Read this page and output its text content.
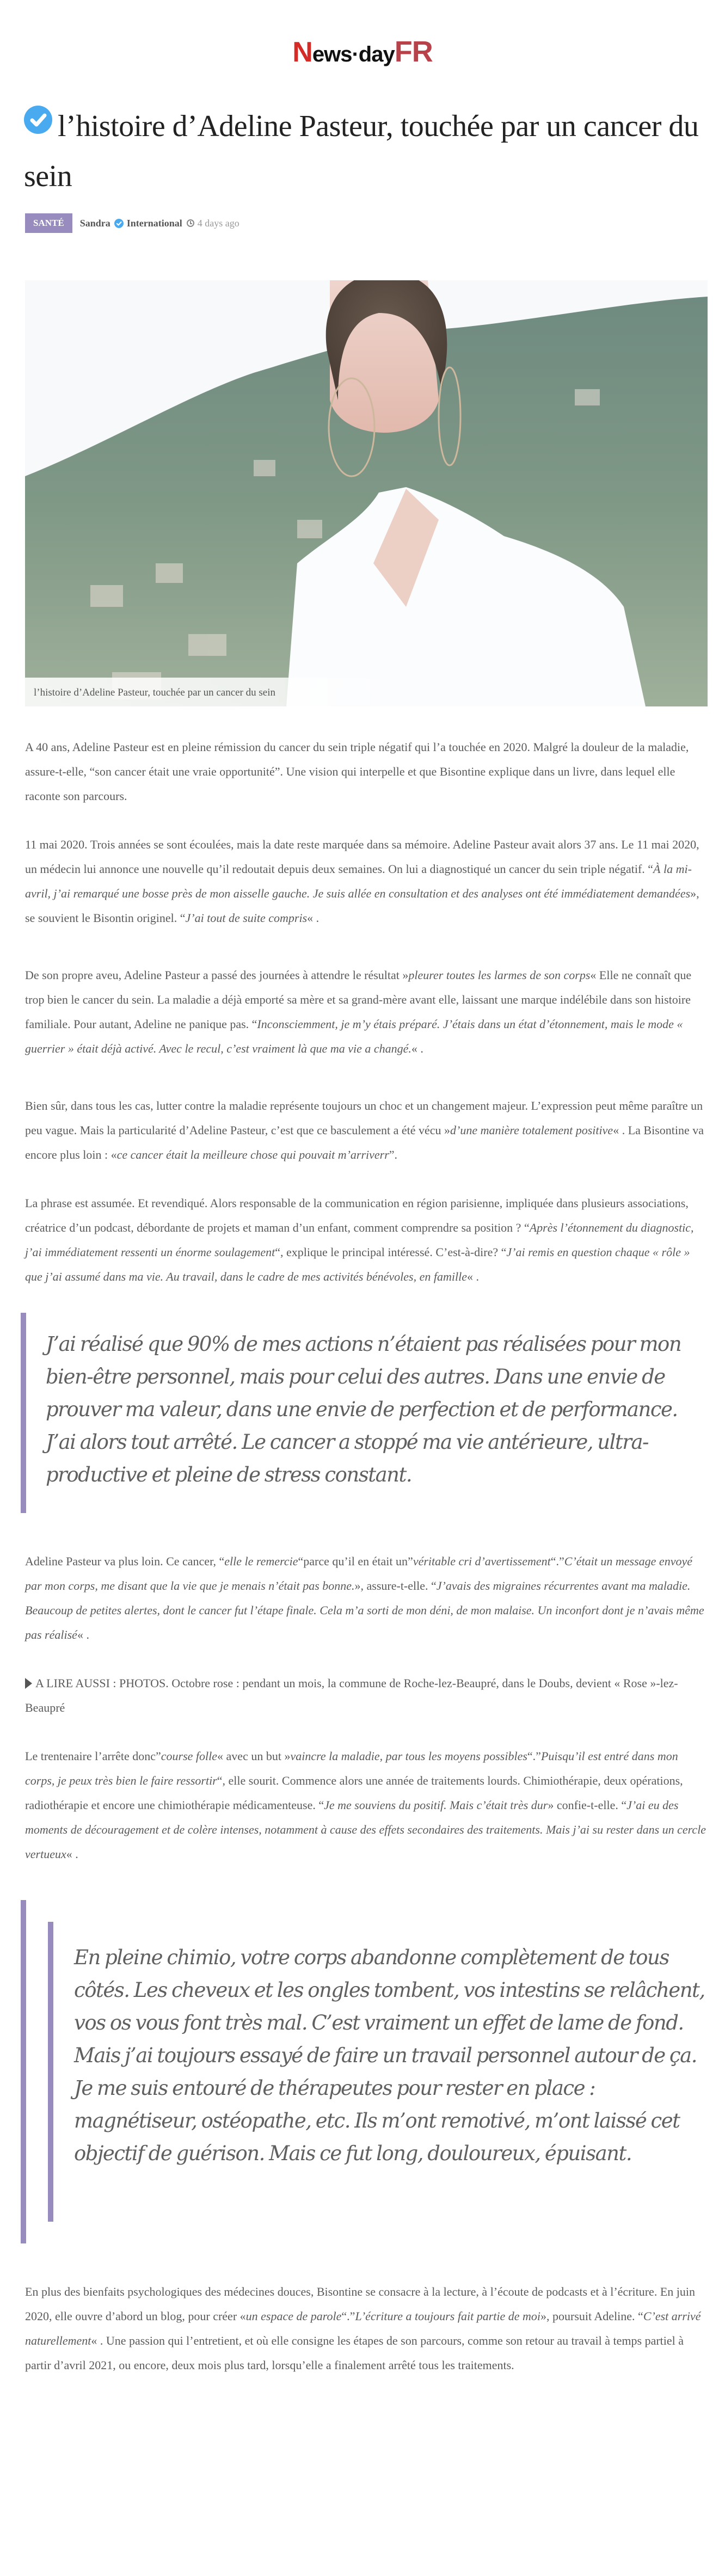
News·dayFR
l’histoire d’Adeline Pasteur, touchée par un cancer du sein
SANTÉ	Sandra International 4 days ago
l’histoire d’Adeline Pasteur, touchée par un cancer du sein

A 40 ans, Adeline Pasteur est en pleine rémission du cancer du sein triple négatif qui l’a touchée en 2020. Malgré la douleur de la maladie, assure-t-elle, “son cancer était une vraie opportunité”. Une vision qui interpelle et que Bisontine explique dans un livre, dans lequel elle raconte son parcours.

11 mai 2020. Trois années se sont écoulées, mais la date reste marquée dans sa mémoire. Adeline Pasteur avait alors 37 ans. Le 11 mai 2020, un médecin lui annonce une nouvelle qu’il redoutait depuis deux semaines. On lui a diagnostiqué un cancer du sein triple négatif. “À la mi-avril, j’ai remarqué une bosse près de mon aisselle gauche. Je suis allée en consultation et des analyses ont été immédiatement demandées», se souvient le Bisontin originel. “J’ai tout de suite compris« .

De son propre aveu, Adeline Pasteur a passé des journées à attendre le résultat »pleurer toutes les larmes de son corps« Elle ne connaît que trop bien le cancer du sein. La maladie a déjà emporté sa mère et sa grand-mère avant elle, laissant une marque indélébile dans son histoire familiale. Pour autant, Adeline ne panique pas. “Inconsciemment, je m’y étais préparé. J’étais dans un état d’étonnement, mais le mode « guerrier » était déjà activé. Avec le recul, c’est vraiment là que ma vie a changé.« .

Bien sûr, dans tous les cas, lutter contre la maladie représente toujours un choc et un changement majeur. L’expression peut même paraître un peu vague. Mais la particularité d’Adeline Pasteur, c’est que ce basculement a été vécu »d’une manière totalement positive« . La Bisontine va encore plus loin : «ce cancer était la meilleure chose qui pouvait m’arriverr”.

La phrase est assumée. Et revendiqué. Alors responsable de la communication en région parisienne, impliquée dans plusieurs associations, créatrice d’un podcast, débordante de projets et maman d’un enfant, comment comprendre sa position ? “Après l’étonnement du diagnostic, j’ai immédiatement ressenti un énorme soulagement“, explique le principal intéressé. C’est-à-dire? “J’ai remis en question chaque « rôle » que j’ai assumé dans ma vie. Au travail, dans le cadre de mes activités bénévoles, en famille« .

J’ai réalisé que 90% de mes actions n’étaient pas réalisées pour mon bien-être personnel, mais pour celui des autres. Dans une envie de prouver ma valeur, dans une envie de perfection et de performance. J’ai alors tout arrêté. Le cancer a stoppé ma vie antérieure, ultra-productive et pleine de stress constant.

Adeline Pasteur va plus loin. Ce cancer, “elle le remercie“parce qu’il en était un”véritable cri d’avertissement“.”C’était un message envoyé par mon corps, me disant que la vie que je menais n’était pas bonne.», assure-t-elle. “J’avais des migraines récurrentes avant ma maladie. Beaucoup de petites alertes, dont le cancer fut l’étape finale. Cela m’a sorti de mon déni, de mon malaise. Un inconfort dont je n’avais même pas réalisé« .

A LIRE AUSSI : PHOTOS. Octobre rose : pendant un mois, la commune de Roche-lez-Beaupré, dans le Doubs, devient « Rose »-lez-Beaupré

Le trentenaire l’arrête donc”course folle« avec un but »vaincre la maladie, par tous les moyens possibles“.”Puisqu’il est entré dans mon corps, je peux très bien le faire ressortir“, elle sourit. Commence alors une année de traitements lourds. Chimiothérapie, deux opérations, radiothérapie et encore une chimiothérapie médicamenteuse. “Je me souviens du positif. Mais c’était très dur» confie-t-elle. “J’ai eu des moments de découragement et de colère intenses, notamment à cause des effets secondaires des traitements. Mais j’ai su rester dans un cercle vertueux« .

En pleine chimio, votre corps abandonne complètement de tous côtés. Les cheveux et les ongles tombent, vos intestins se relâchent, vos os vous font très mal. C’est vraiment un effet de lame de fond. Mais j’ai toujours essayé de faire un travail personnel autour de ça. Je me suis entouré de thérapeutes pour rester en place : magnétiseur, ostéopathe, etc. Ils m’ont remotivé, m’ont laissé cet objectif de guérison. Mais ce fut long, douloureux, épuisant.

En plus des bienfaits psychologiques des médecines douces, Bisontine se consacre à la lecture, à l’écoute de podcasts et à l’écriture. En juin 2020, elle ouvre d’abord un blog, pour créer «un espace de parole“.”L’écriture a toujours fait partie de moi», poursuit Adeline. “C’est arrivé naturellement« . Une passion qui l’entretient, et où elle consigne les étapes de son parcours, comme son retour au travail à temps partiel à partir d’avril 2021, ou encore, deux mois plus tard, lorsqu’elle a finalement arrêté tous les traitements.
